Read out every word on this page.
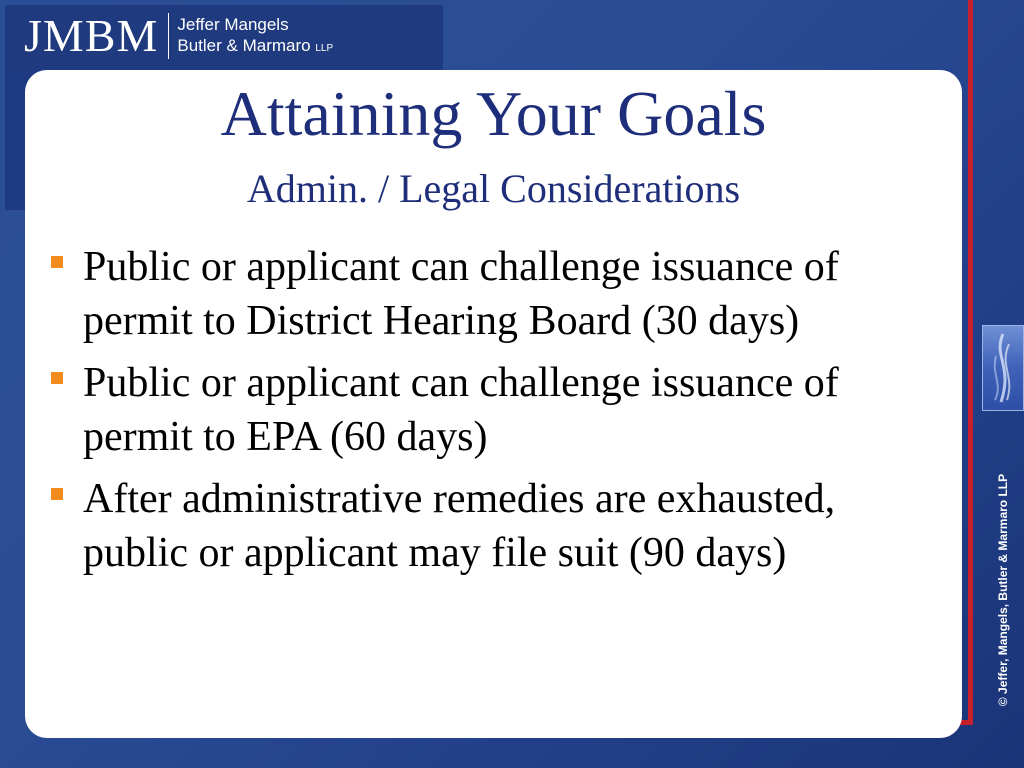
JMBM Jeffer Mangels
Butler & Marmaro LLP
Attaining Your Goals
Admin. / Legal Considerations
Public or applicant can challenge issuance of permit to District Hearing Board (30 days)
Public or applicant can challenge issuance of permit to EPA (60 days)
After administrative remedies are exhausted, public or applicant may file suit (90 days)	© Jeffer, Mangels, Butler & Marmaro LLP
